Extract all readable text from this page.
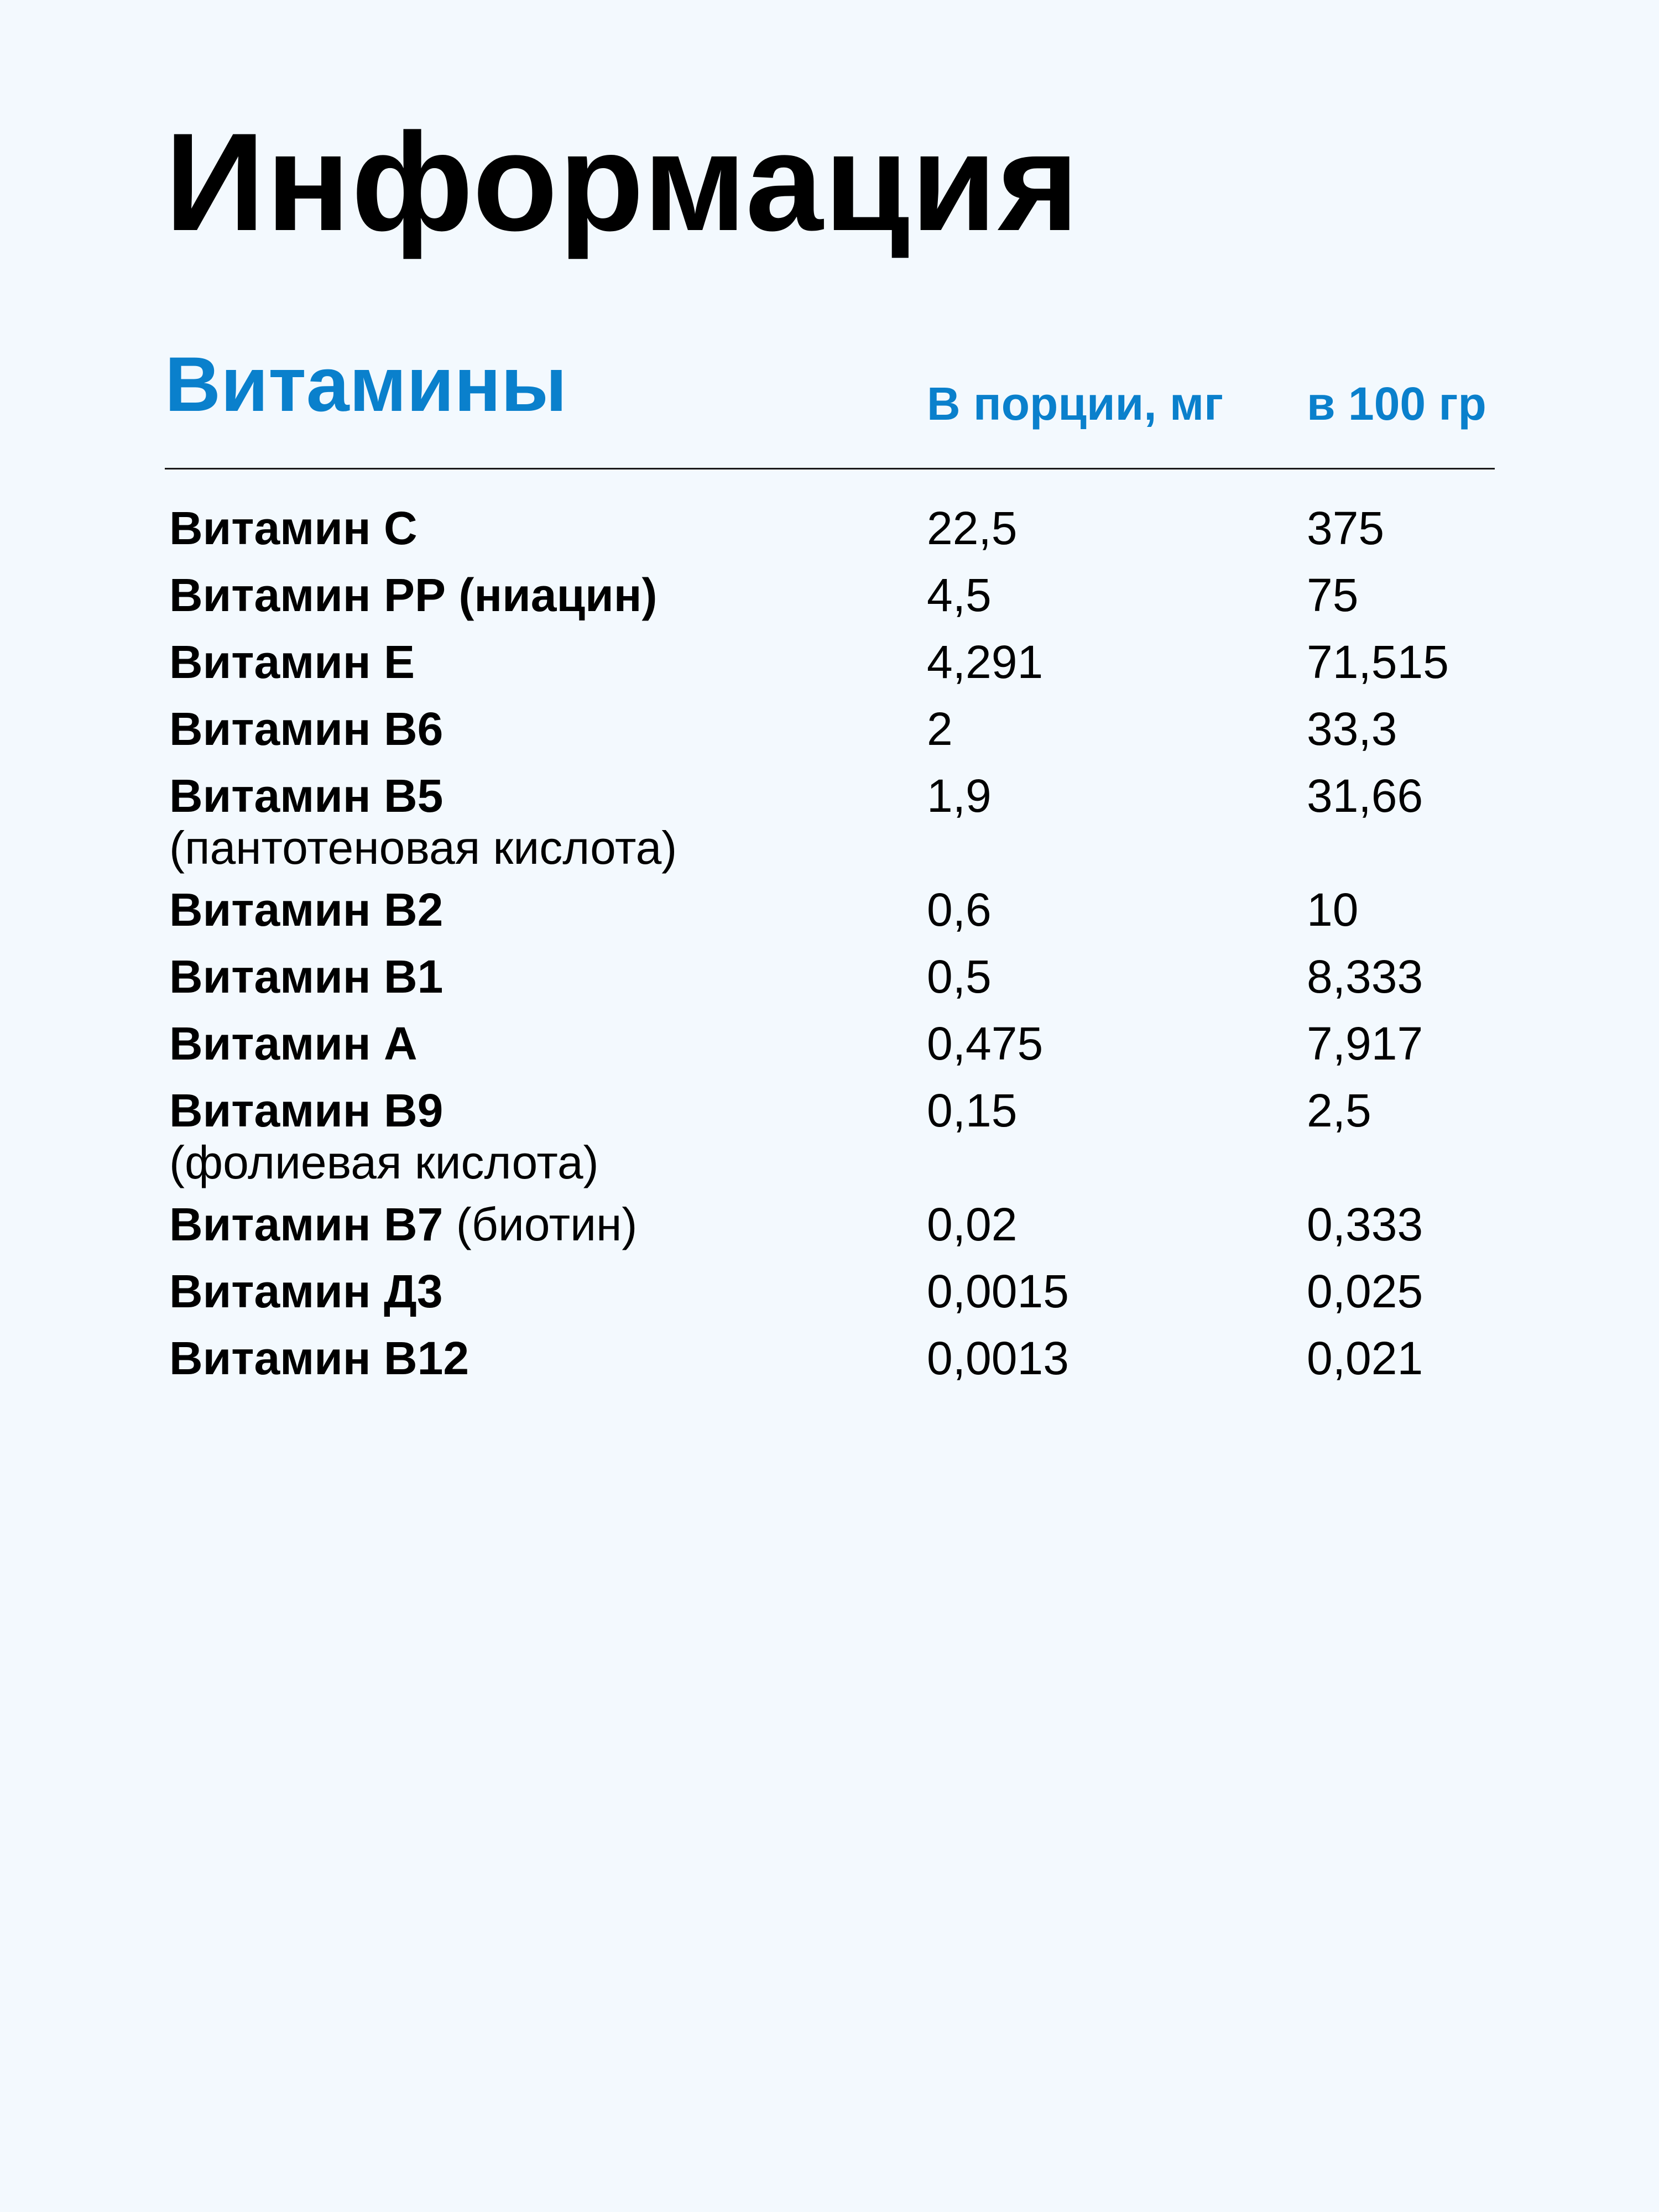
Информация
Витамины	В порции, мг в 100 гр
Витамин С	22,5	375
Витамин РР (ниацин)	4,5	75
Витамин Е	4,291	71,515
Витамин В6	2	33,3
Витамин В5
(пантотеновая кислота)
1,9	31,66
Витамин В2	0,6	10
Витамин В1	0,5	8,333
Витамин А	0,475	7,917
Витамин В9
(фолиевая кислота)
0,15	2,5
Витамин В7 (биотин)	0,02	0,333
Витамин Д3	0,0015	0,025
Витамин В12	0,0013	0,021
